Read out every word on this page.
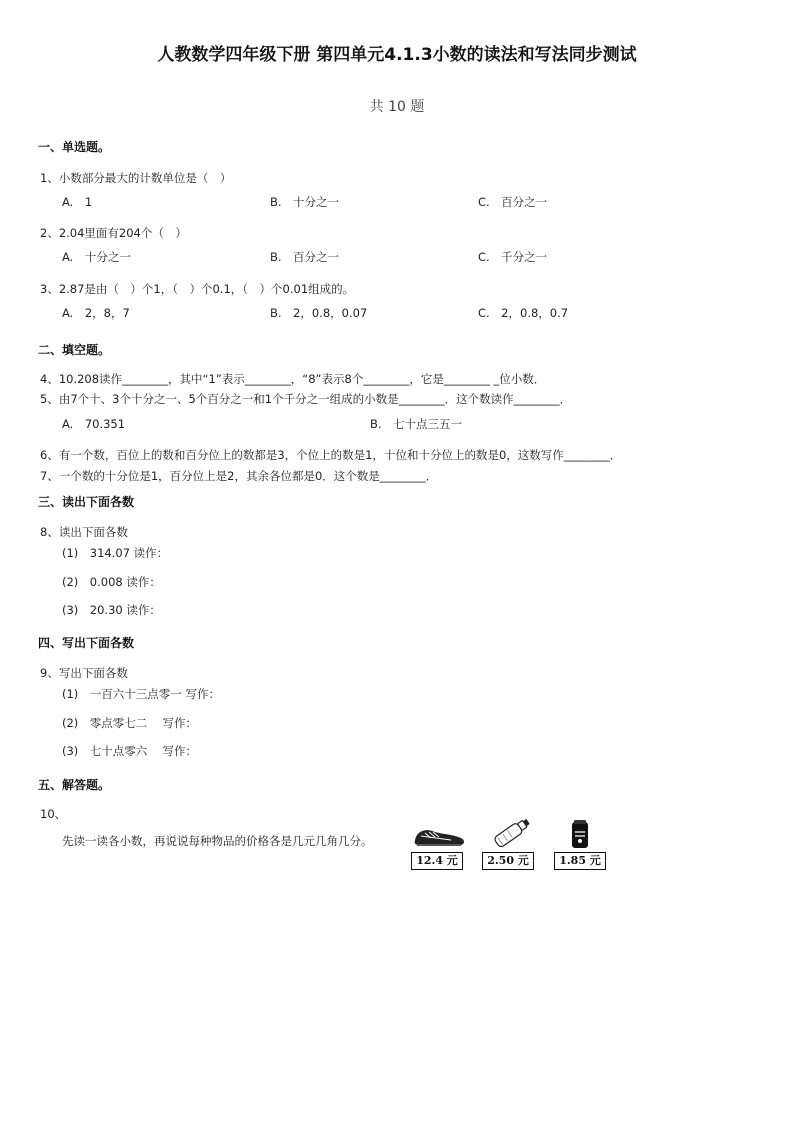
人教数学四年级下册 第四单元4.1.3小数的读法和写法同步测试
共 10 题
一、单选题。
1、小数部分最大的计数单位是（　）
A.　1	B.　十分之一	C.　百分之一
2、2.04里面有204个（　）
A.　十分之一	B.　百分之一	C.　千分之一
3、2.87是由（　）个1，（　）个0.1，（　）个0.01组成的。
A.　2，8，7	B.　2，0.8，0.07	C.　2，0.8，0.7
二、填空题。
4、10.208读作________，其中“1”表示________，“8”表示8个________，它是________ _位小数．
5、由7个十、3个十分之一、5个百分之一和1个千分之一组成的小数是________．这个数读作________．
A.　70.351	B.　七十点三五一
6、有一个数，百位上的数和百分位上的数都是3，个位上的数是1，十位和十分位上的数是0，这数写作________．
7、一个数的十分位是1，百分位上是2，其余各位都是0．这个数是________．
三、读出下面各数
8、读出下面各数
(1)　314.07 读作：
(2)　0.008 读作：
(3)　20.30 读作：
四、写出下面各数
9、写出下面各数
(1)　一百六十三点零一 写作：
(2)　零点零七二　 写作：
(3)　七十点零六　 写作：
五、解答题。
10、
先读一读各小数，再说说每种物品的价格各是几元几角几分。
12.4 元	2.50 元	1.85 元
